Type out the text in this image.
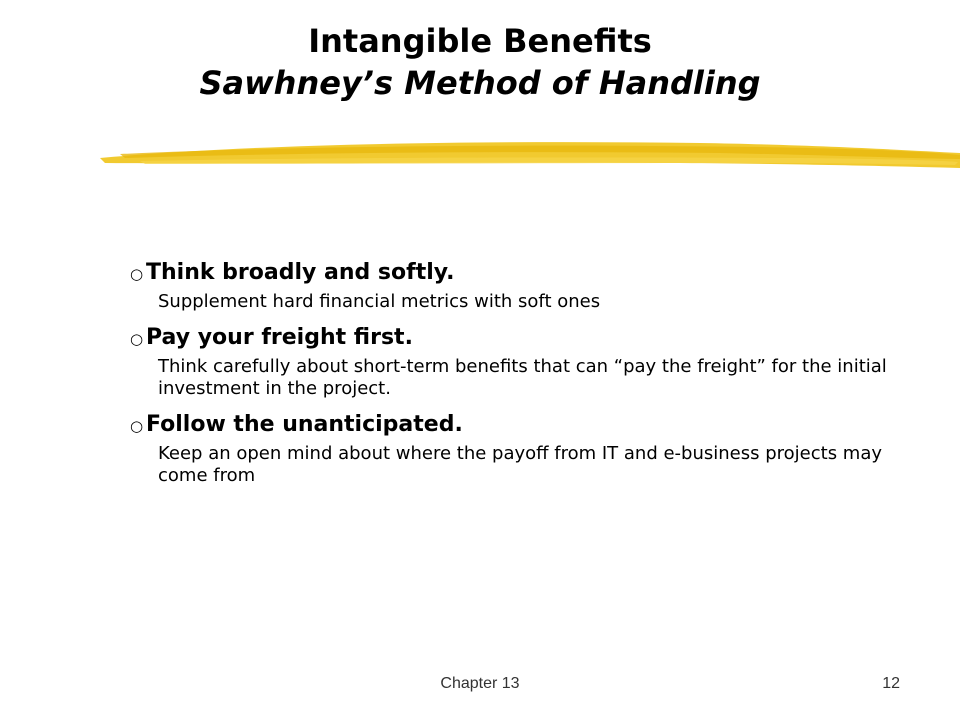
Intangible Benefits
Sawhney’s Method of Handling
○ Think broadly and softly.
Supplement hard financial metrics with soft ones
○ Pay your freight first.
Think carefully about short-term benefits that can “pay the freight” for the initial investment in the project.
○ Follow the unanticipated.
Keep an open mind about where the payoff from IT and e-business projects may come from
Chapter 13	12
